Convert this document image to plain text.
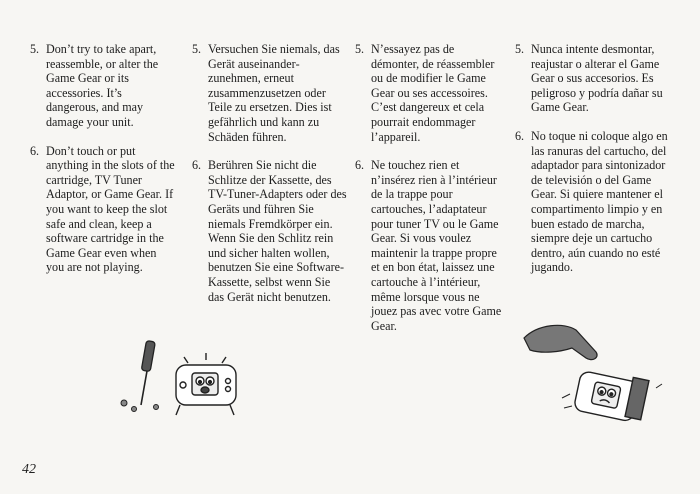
5. Don’t try to take apart, reassemble, or alter the Game Gear or its accessories. It’s dangerous, and may damage your unit.
6. Don’t touch or put anything in the slots of the cartridge, TV Tuner Adaptor, or Game Gear. If you want to keep the slot safe and clean, keep a software cartridge in the Game Gear even when you are not playing.
5. Versuchen Sie niemals, das Gerät auseinanderzunehmen, erneut zusammenzusetzen oder Teile zu ersetzen. Dies ist gefährlich und kann zu Schäden führen.
6. Berühren Sie nicht die Schlitze der Kassette, des TV-Tuner-Adapters oder des Geräts und führen Sie niemals Fremdkörper ein. Wenn Sie den Schlitz rein und sicher halten wollen, benutzen Sie eine Software-Kassette, selbst wenn Sie das Gerät nicht benutzen.
5. N’essayez pas de démonter, de réassembler ou de modifier le Game Gear ou ses accessoires. C’est dangereux et cela pourrait endommager l’appareil.
6. Ne touchez rien et n’insérez rien à l’intérieur de la trappe pour cartouches, l’adaptateur pour tuner TV ou le Game Gear. Si vous voulez maintenir la trappe propre et en bon état, laissez une cartouche à l’intérieur, même lorsque vous ne jouez pas avec votre Game Gear.
5. Nunca intente desmontar, reajustar o alterar el Game Gear o sus accesorios. Es peligroso y podría dañar su Game Gear.
6. No toque ni coloque algo en las ranuras del cartucho, del adaptador para sintonizador de televisión o del Game Gear. Si quiere mantener el compartimento limpio y en buen estado de marcha, siempre deje un cartucho dentro, aún cuando no esté jugando.
42
